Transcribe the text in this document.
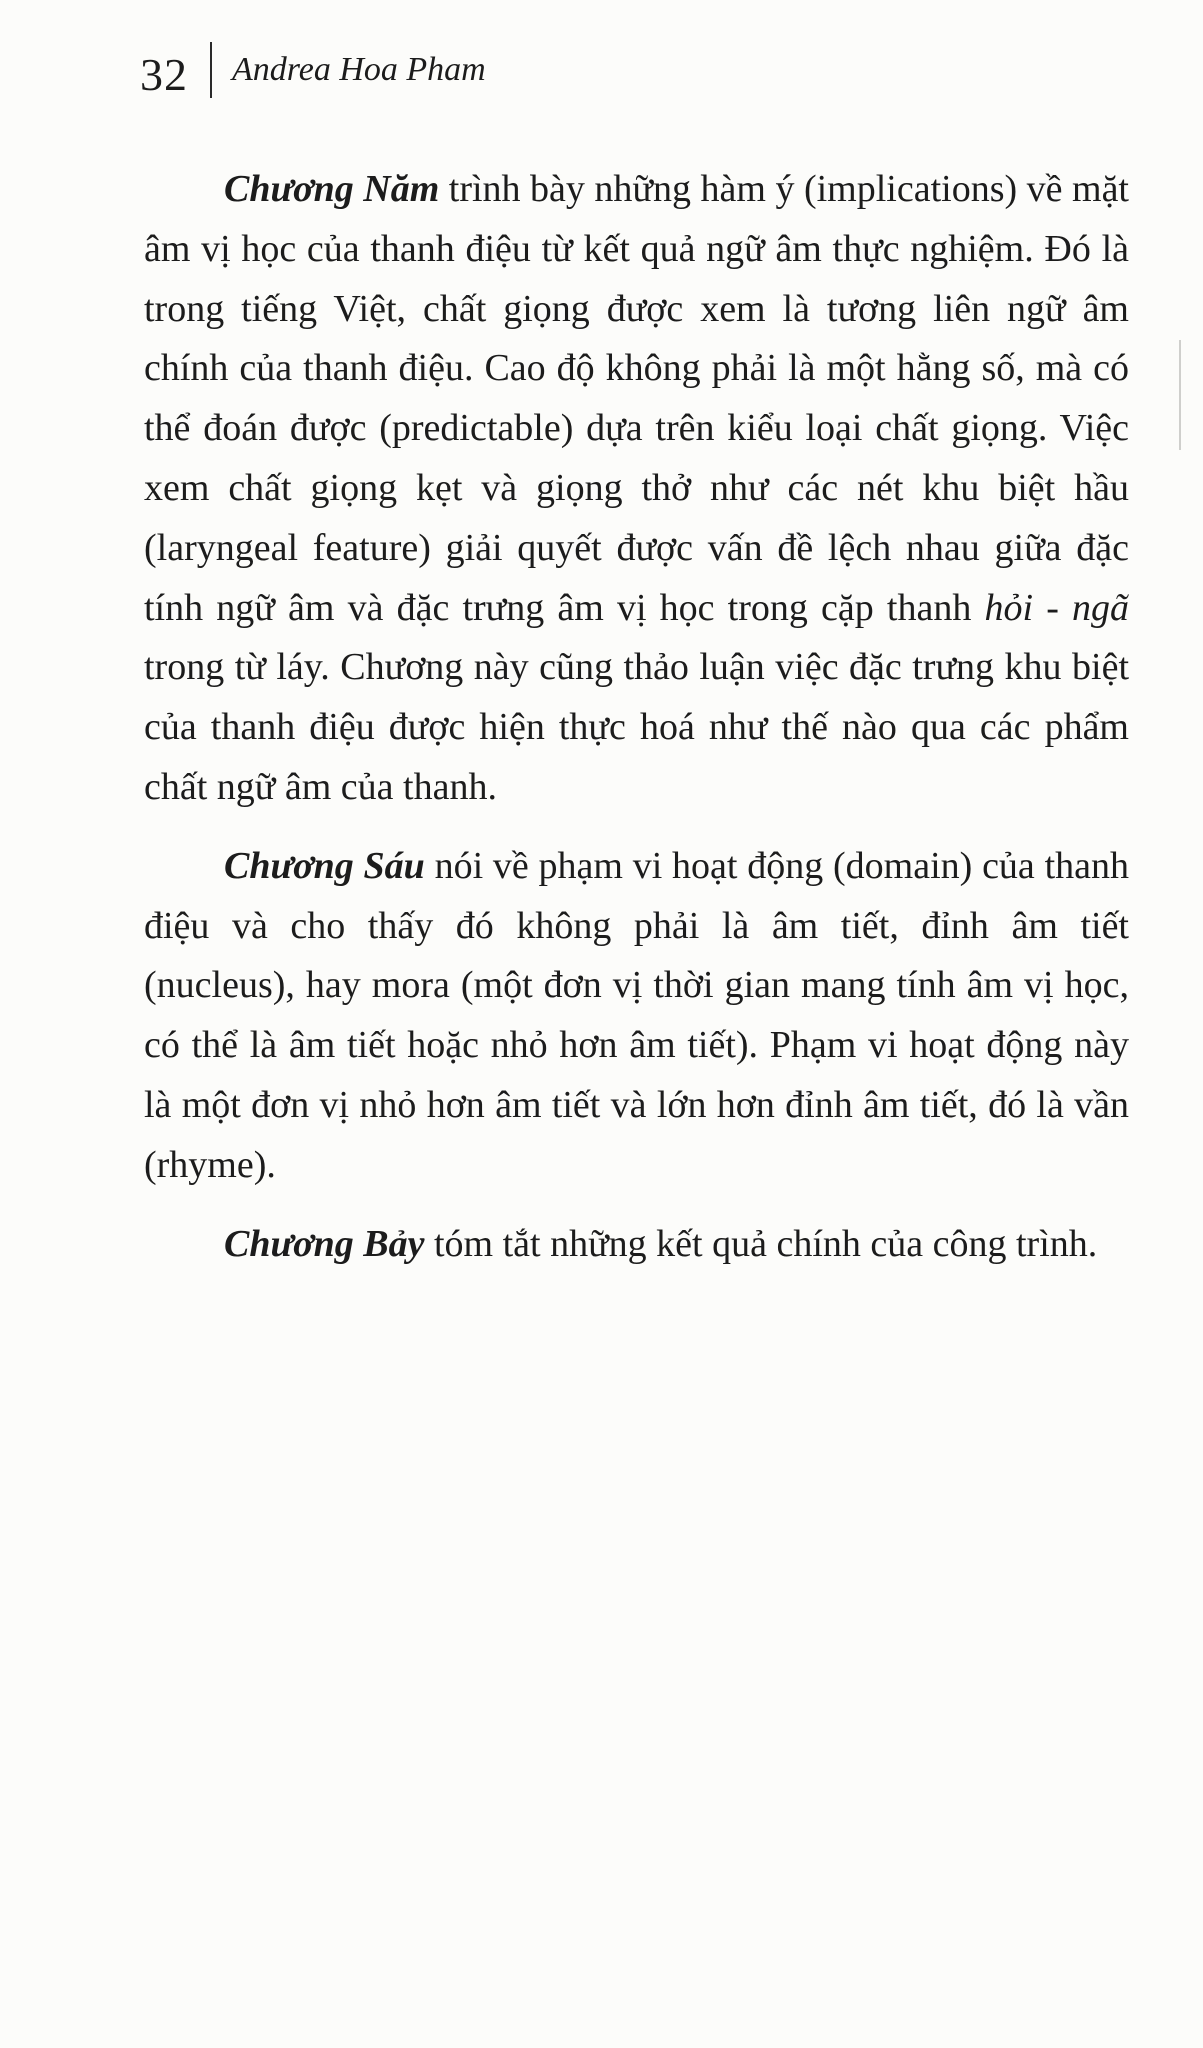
32 Andrea Hoa Pham

Chương Năm trình bày những hàm ý (implications) về mặt âm vị học của thanh điệu từ kết quả ngữ âm thực nghiệm. Đó là trong tiếng Việt, chất giọng được xem là tương liên ngữ âm chính của thanh điệu. Cao độ không phải là một hằng số, mà có thể đoán được (predictable) dựa trên kiểu loại chất giọng. Việc xem chất giọng kẹt và giọng thở như các nét khu biệt hầu (laryngeal feature) giải quyết được vấn đề lệch nhau giữa đặc tính ngữ âm và đặc trưng âm vị học trong cặp thanh hỏi - ngã trong từ láy. Chương này cũng thảo luận việc đặc trưng khu biệt của thanh điệu được hiện thực hoá như thế nào qua các phẩm chất ngữ âm của thanh.

Chương Sáu nói về phạm vi hoạt động (domain) của thanh điệu và cho thấy đó không phải là âm tiết, đỉnh âm tiết (nucleus), hay mora (một đơn vị thời gian mang tính âm vị học, có thể là âm tiết hoặc nhỏ hơn âm tiết). Phạm vi hoạt động này là một đơn vị nhỏ hơn âm tiết và lớn hơn đỉnh âm tiết, đó là vần (rhyme).

Chương Bảy tóm tắt những kết quả chính của công trình.
